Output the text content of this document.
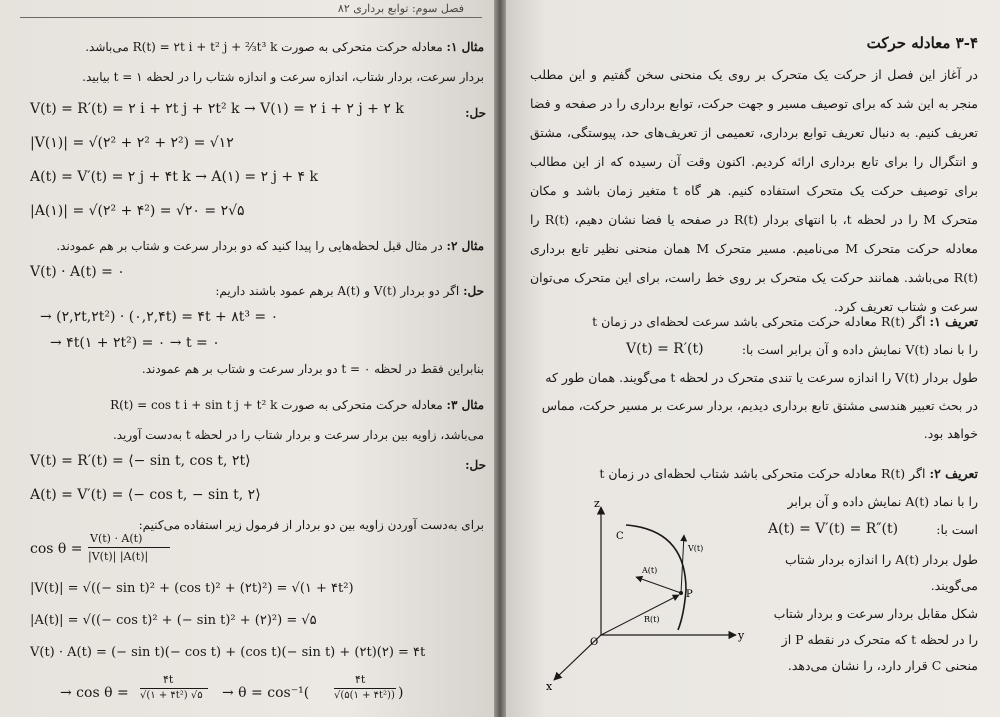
فصل سوم: توابع برداری ۸۲
مثال ۱: معادله حرکت متحرکی به صورت R(t) = ۲t i + t² j + ⅔t³ k می‌باشد.
بردار سرعت، بردار شتاب، اندازه سرعت و اندازه شتاب را در لحظه t = ۱ بیابید.
حل:
V(t) = R′(t) = ۲ i + ۲t j + ۲t² k → V(۱) = ۲ i + ۲ j + ۲ k
|V(۱)| = √(۲² + ۲² + ۲²) = √۱۲
A(t) = V′(t) = ۲ j + ۴t k → A(۱) = ۲ j + ۴ k
|A(۱)| = √(۲² + ۴²) = √۲۰ = ۲√۵
مثال ۲: در مثال قبل لحظه‌هایی را پیدا کنید که دو بردار سرعت و شتاب بر هم عمودند.
V(t) · A(t) = ۰
حل: اگر دو بردار V(t) و A(t) برهم عمود باشند داریم:
→ (۲,۲t,۲t²) · (۰,۲,۴t) = ۴t + ۸t³ = ۰
→ ۴t(۱ + ۲t²) = ۰ → t = ۰
بنابراین فقط در لحظه t = ۰ دو بردار سرعت و شتاب بر هم عمودند.
مثال ۳: معادله حرکت متحرکی به صورت R(t) = cos t i + sin t j + t² k
می‌باشد، زاویه بین بردار سرعت و بردار شتاب را در لحظه t به‌دست آورید.
حل:
V(t) = R′(t) = ⟨− sin t, cos t, ۲t⟩
A(t) = V′(t) = ⟨− cos t, − sin t, ۲⟩
برای به‌دست آوردن زاویه بین دو بردار از فرمول زیر استفاده می‌کنیم:
cos θ =
V(t) · A(t)
|V(t)| |A(t)|
|V(t)| = √((− sin t)² + (cos t)² + (۲t)²) = √(۱ + ۴t²)
|A(t)| = √((− cos t)² + (− sin t)² + (۲)²) = √۵
V(t) · A(t) = (− sin t)(− cos t) + (cos t)(− sin t) + (۲t)(۲) = ۴t
→ cos θ =
۴t
√(۱ + ۴t²) √۵ → θ = cos⁻¹(
۴t
√(۵(۱ + ۴t²)) )
۳-۴ معادله حرکت
در آغاز این فصل از حرکت یک متحرک بر روی یک منحنی سخن گفتیم و این مطلب منجر به این شد که برای توصیف مسیر و جهت حرکت، توابع برداری را در صفحه و فضا تعریف کنیم. به دنبال تعریف توابع برداری، تعمیمی از تعریف‌های حد، پیوستگی، مشتق و انتگرال را برای تابع برداری ارائه کردیم. اکنون وقت آن رسیده که از این مطالب برای توصیف حرکت یک متحرک استفاده کنیم. هر گاه t متغیر زمان باشد و مکان متحرک M را در لحظه t، با انتهای بردار R(t) در صفحه یا فضا نشان دهیم، R(t) را معادله حرکت متحرک M می‌نامیم. مسیر متحرک M همان منحنی نظیر تابع برداری R(t) می‌باشد. همانند حرکت یک متحرک بر روی خط راست، برای این متحرک می‌توان سرعت و شتاب تعریف کرد.
تعریف ۱: اگر R(t) معادله حرکت متحرکی باشد سرعت لحظه‌ای در زمان t
را با نماد V(t) نمایش داده و آن برابر است با:
V(t) = R′(t)
طول بردار V(t) را اندازه سرعت یا تندی متحرک در لحظه t می‌گویند. همان طور که
در بحث تعبیر هندسی مشتق تابع برداری دیدیم، بردار سرعت بر مسیر حرکت، مماس
خواهد بود.
تعریف ۲: اگر R(t) معادله حرکت متحرکی باشد شتاب لحظه‌ای در زمان t
را با نماد A(t) نمایش داده و آن برابر
است با:
A(t) = V′(t) = R″(t)
طول بردار A(t) را اندازه بردار شتاب
می‌گویند.
شکل مقابل بردار سرعت و بردار شتاب
را در لحظه t که متحرک در نقطه P از
منحنی C قرار دارد، را نشان می‌دهد.
z
y
x
O
C
P
V(t)
A(t)
R(t)
